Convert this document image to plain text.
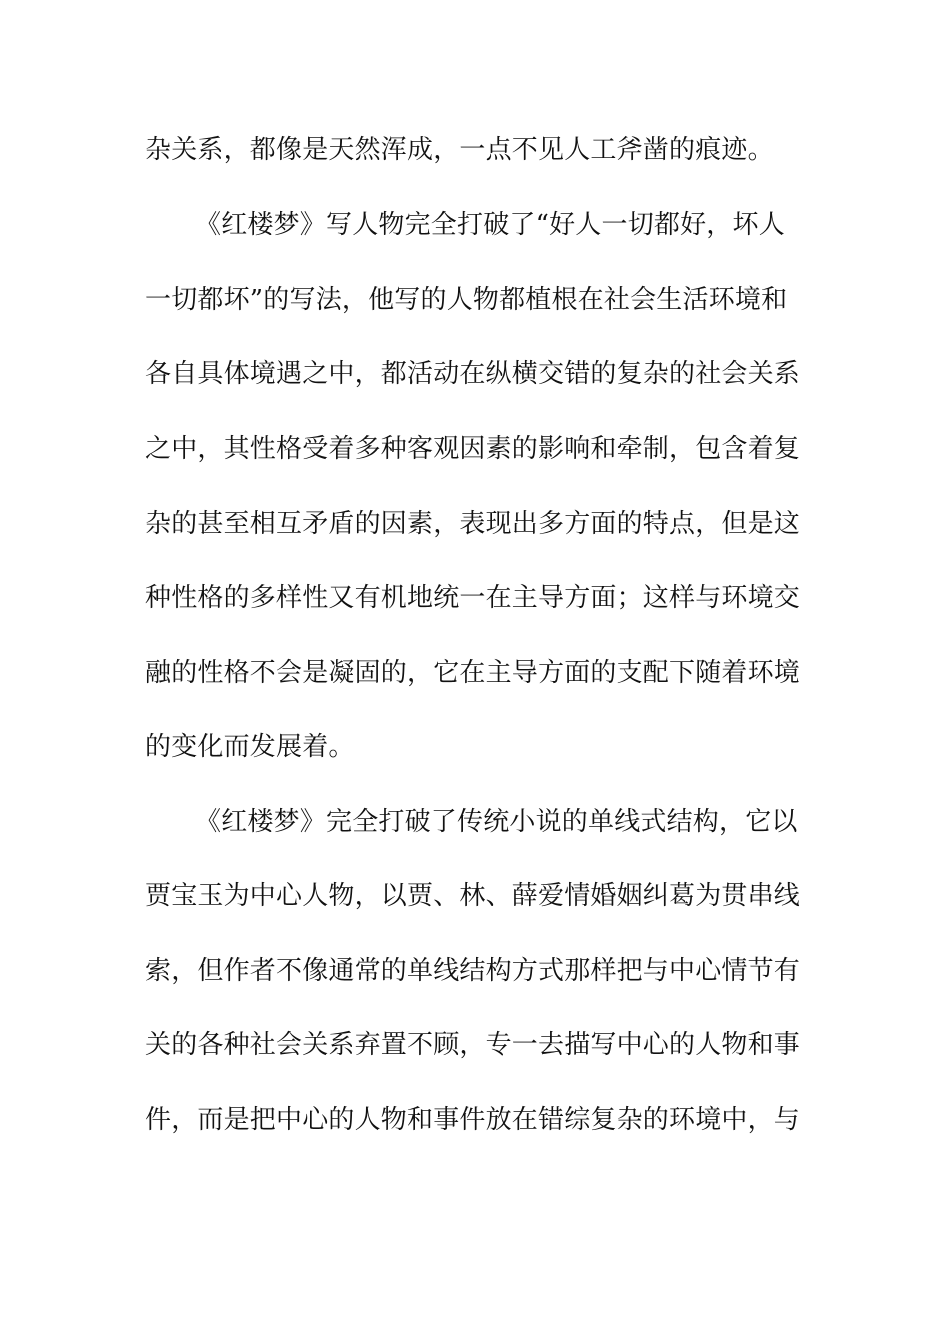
杂关系，都像是天然浑成，一点不见人工斧凿的痕迹。
《红楼梦》写人物完全打破了“好人一切都好，坏人
一切都坏”的写法，他写的人物都植根在社会生活环境和
各自具体境遇之中，都活动在纵横交错的复杂的社会关系
之中，其性格受着多种客观因素的影响和牵制，包含着复
杂的甚至相互矛盾的因素，表现出多方面的特点，但是这
种性格的多样性又有机地统一在主导方面；这样与环境交
融的性格不会是凝固的，它在主导方面的支配下随着环境
的变化而发展着。
《红楼梦》完全打破了传统小说的单线式结构，它以
贾宝玉为中心人物，以贾、林、薛爱情婚姻纠葛为贯串线
索，但作者不像通常的单线结构方式那样把与中心情节有
关的各种社会关系弃置不顾，专一去描写中心的人物和事
件，而是把中心的人物和事件放在错综复杂的环境中，与
